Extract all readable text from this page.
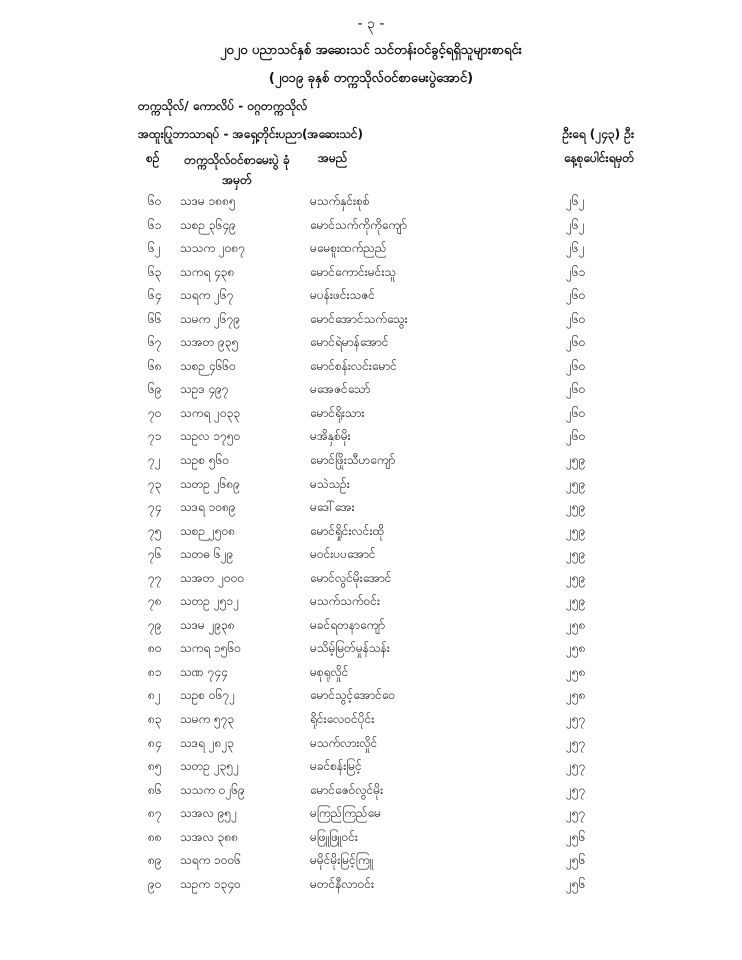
- ၃ -
၂၀၂၀ ပညာသင်နှစ် အဆေးသင် သင်တန်းဝင်ခွင့်ရရှိသူများစာရင်း
(၂၀၁၉ ခုနှစ် တက္ကသိုလ်ဝင်စာမေးပွဲအောင်)
တက္ကသိုလ်/ ကောလိပ် - ဝဂ္ဂတက္ကသိုလ်
အထူးပြုဘာသာရပ် - အရှေ့တိုင်းပညာ(အဆေးသင်)	ဦးရေ (၂၄၃) ဦး
စဉ်	တက္ကသိုလ်ဝင်စာမေးပွဲ ခုံအမှတ်
အမည်	နေ့စုပေါင်းရမှတ်
၆၀ သဒမ ၁၈၈၅	မသက်နှင်းစုစ်	၂၆၂
၆၁ သစဉ ၃၆၄၉	မောင်သက်ကိုကိုကျော်	၂၆၂
၆၂ သသက ၂၀၈၇	မမေစူးထက်ညည်	၂၆၂
၆၃ သကရ ၄၃၈	မောင်ကောင်းမင်းသူ	၂၆၁
၆၄ သရက ၂၆၇	မပန်းဖင်းသဇင်	၂၆၀
၆၆ သမက ၂၆၇၉	မောင်အောင်သက်သွေး	၂၆၀
၆၇ သအတ ၉၃၅	မောင်ရဲမာန်အောင်	၂၆၀
၆၈ သစဉ ၄၆၆၀	မောင်စန်းလင်းမောင်	၂၆၀
၆၉ သဥဒ ၄၉၇	မအေဇင်သော်	၂၆၀
၇၀ သကရ ၂၀၃၃	မောင်ရိုးသား	၂၆၀
၇၁ သဥလ ၁၇၅၀	မအိနှစ်မိုး	၂၆၀
၇၂ သဥစ ၅၆၀	မောင်ဖြိုးသီဟကျော်	၂၅၉
၇၃ သတဥ ၂၆၈၉	မသဲသဉ်း	၂၅၉
၇၄ သဒရ ၁၀၈၉	မဒေါ်အေး	၂၅၉
၇၅ သစဉ ၂၅၀၈	မောင်ရှိုင်းလင်းထို	၂၅၉
၇၆ သတဓ ၆၂၉	မဝင်းပပအောင်	၂၅၉
၇၇ သအတ ၂၀၀၀	မောင်လွင်မိုးအောင်	၂၅၉
၇၈ သတဥ ၂၅၁၂	မသက်သက်ဝင်း	၂၅၉
၇၉ သဒမ ၂၉၃၈	မခင်ရတနာကျော်	၂၅၈
၈၀ သကရ ၁၅၆၀	မသိမ့်မြတ်မှုန်သန်း	၂၅၈
၈၁ သဏ ၇၄၄	မစုရုလှိုင်	၂၅၈
၈၂ သဥစ ၀၆၇၂	မောင်သွင့်အောင်ဝေ	၂၅၈
၈၃ သမက ၅၇၃	ရိုင်းလေဝင်ပိုင်း	၂၅၇
၈၄ သဒရ ၂၈၂၃	မသက်လားလှိုင်	၂၅၇
၈၅ သတဥ ၂၃၅၂	မခင်စန်းမြင့်	၂၅၇
၈၆ သသက ၀၂၆၉	မောင်ဇေဝ်လွင်မိုး	၂၅၇
၈၇ သအလ ၉၅၂	မကြည်ကြည်မေ	၂၅၇
၈၈ သအလ ၃၈၈	မဖြူဖြူဝင်း	၂၅၆
၈၉ သရက ၁၀၀၆	မမိုင်မိုးမြင့်ကြူ	၂၅၆
၉၀ သဥက ၁၃၄၀	မတင်နီလာဝင်း	၂၅၆
